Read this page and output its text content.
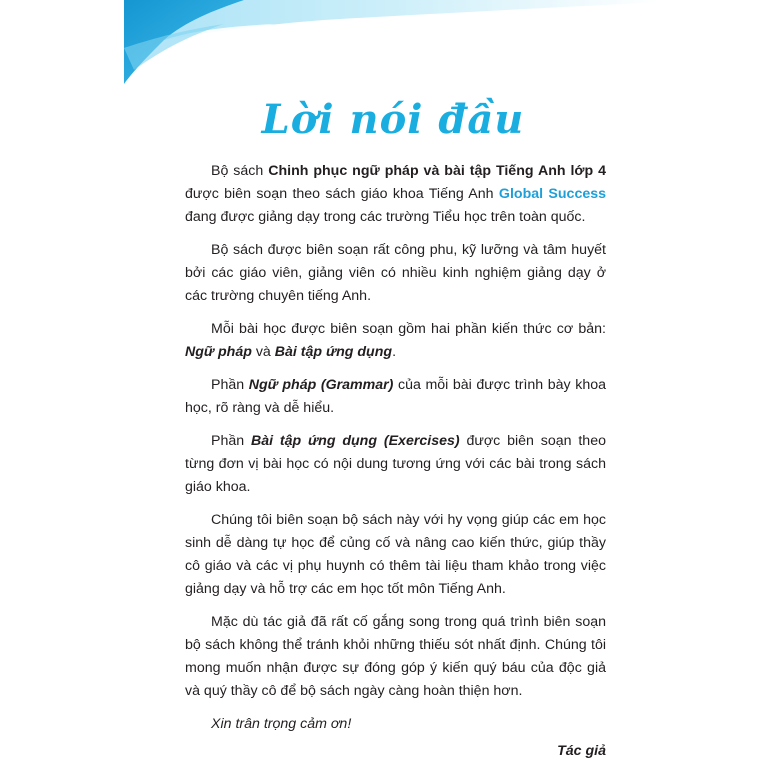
Lời nói đầu

Bộ sách Chinh phục ngữ pháp và bài tập Tiếng Anh lớp 4 được biên soạn theo sách giáo khoa Tiếng Anh Global Success đang được giảng dạy trong các trường Tiểu học trên toàn quốc.

Bộ sách được biên soạn rất công phu, kỹ lưỡng và tâm huyết bởi các giáo viên, giảng viên có nhiều kinh nghiệm giảng dạy ở các trường chuyên tiếng Anh.

Mỗi bài học được biên soạn gồm hai phần kiến thức cơ bản: Ngữ pháp và Bài tập ứng dụng.

Phần Ngữ pháp (Grammar) của mỗi bài được trình bày khoa học, rõ ràng và dễ hiểu.

Phần Bài tập ứng dụng (Exercises) được biên soạn theo từng đơn vị bài học có nội dung tương ứng với các bài trong sách giáo khoa.

Chúng tôi biên soạn bộ sách này với hy vọng giúp các em học sinh dễ dàng tự học để củng cố và nâng cao kiến thức, giúp thầy cô giáo và các vị phụ huynh có thêm tài liệu tham khảo trong việc giảng dạy và hỗ trợ các em học tốt môn Tiếng Anh.

Mặc dù tác giả đã rất cố gắng song trong quá trình biên soạn bộ sách không thể tránh khỏi những thiếu sót nhất định. Chúng tôi mong muốn nhận được sự đóng góp ý kiến quý báu của độc giả và quý thầy cô để bộ sách ngày càng hoàn thiện hơn.

Xin trân trọng cảm ơn!

Tác giả
